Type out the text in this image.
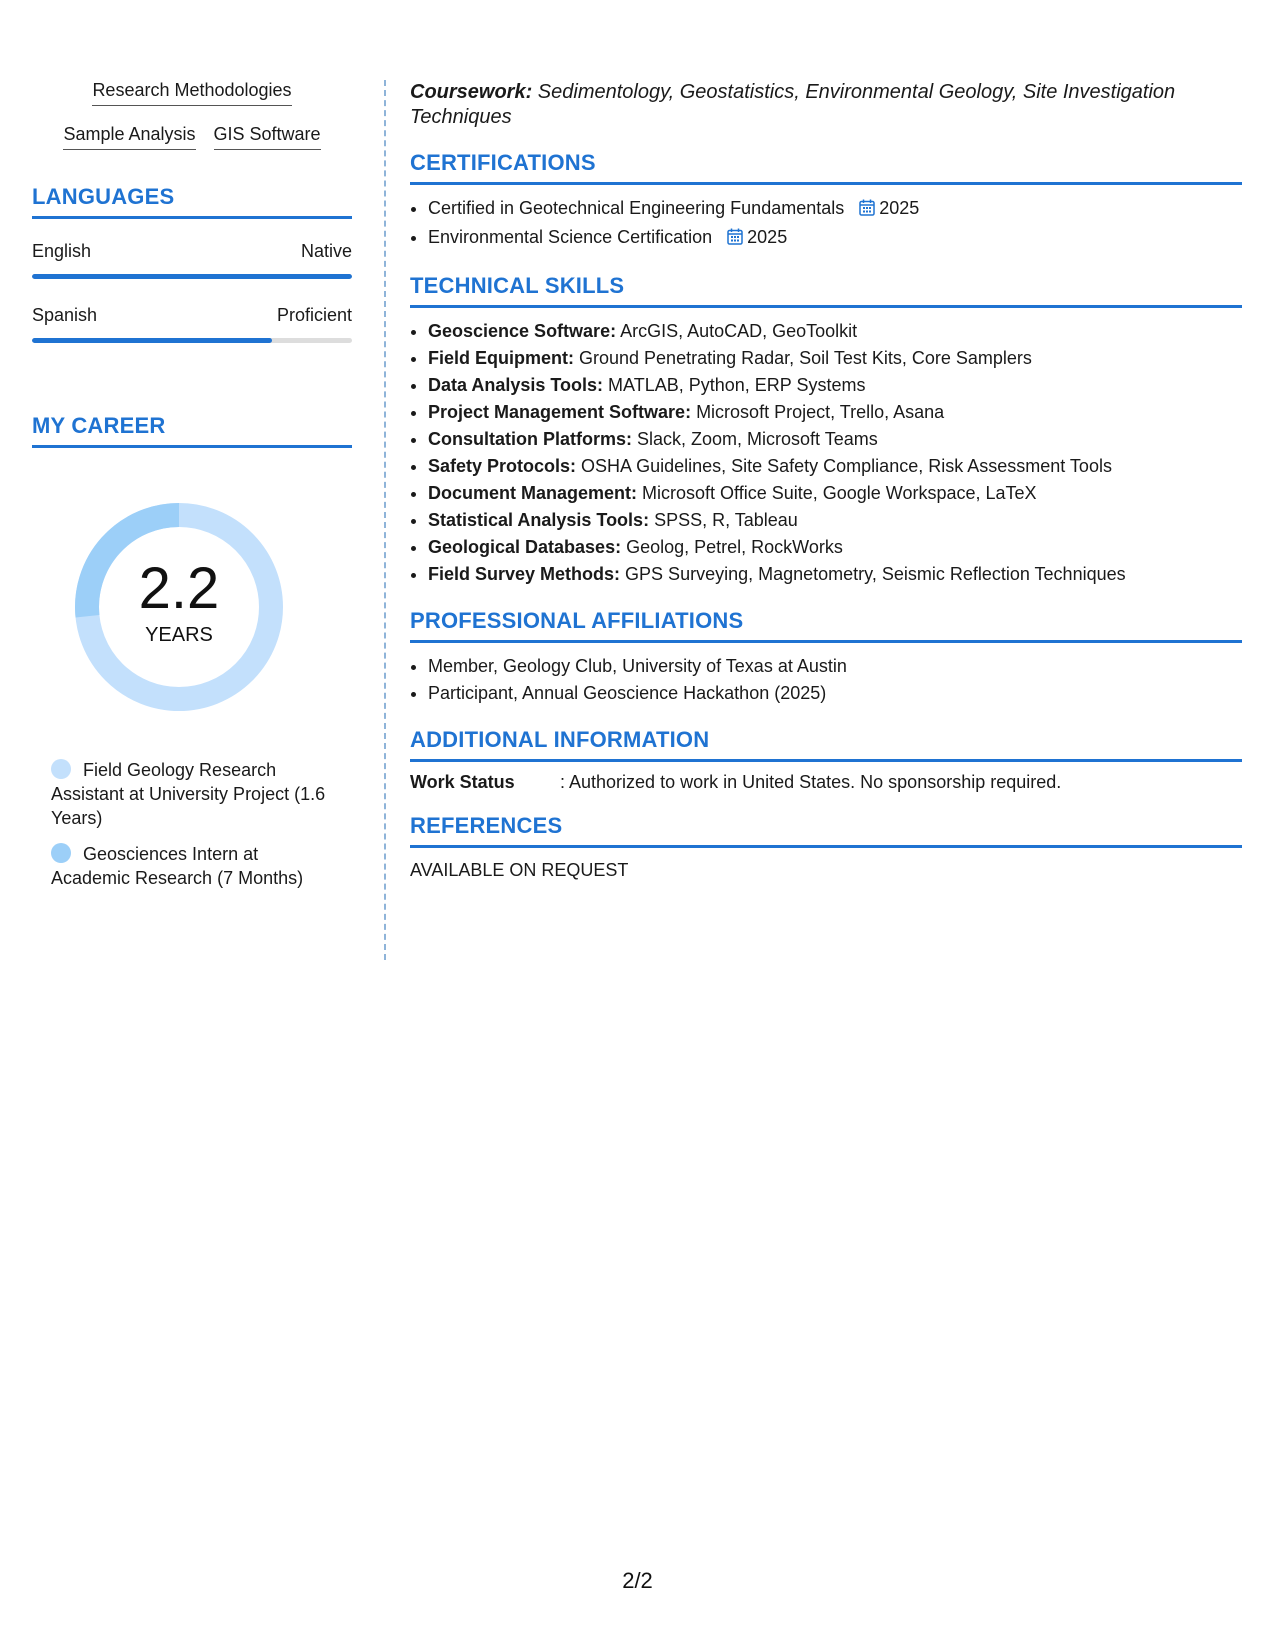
Research Methodologies
Sample Analysis GIS Software
LANGUAGES
English	Native
Spanish	Proficient
MY CAREER
2.2
YEARS
Field Geology Research Assistant at University Project (1.6 Years)
Geosciences Intern at Academic Research (7 Months)
Coursework: Sedimentology, Geostatistics, Environmental Geology, Site Investigation Techniques
CERTIFICATIONS
• Certified in Geotechnical Engineering Fundamentals 2025
• Environmental Science Certification 2025
TECHNICAL SKILLS
• Geoscience Software: ArcGIS, AutoCAD, GeoToolkit
• Field Equipment: Ground Penetrating Radar, Soil Test Kits, Core Samplers
• Data Analysis Tools: MATLAB, Python, ERP Systems
• Project Management Software: Microsoft Project, Trello, Asana
• Consultation Platforms: Slack, Zoom, Microsoft Teams
• Safety Protocols: OSHA Guidelines, Site Safety Compliance, Risk Assessment Tools
• Document Management: Microsoft Office Suite, Google Workspace, LaTeX
• Statistical Analysis Tools: SPSS, R, Tableau
• Geological Databases: Geolog, Petrel, RockWorks
• Field Survey Methods: GPS Surveying, Magnetometry, Seismic Reflection Techniques
PROFESSIONAL AFFILIATIONS
• Member, Geology Club, University of Texas at Austin
• Participant, Annual Geoscience Hackathon (2025)
ADDITIONAL INFORMATION
Work Status	: Authorized to work in United States. No sponsorship required.
REFERENCES
AVAILABLE ON REQUEST
2/2
